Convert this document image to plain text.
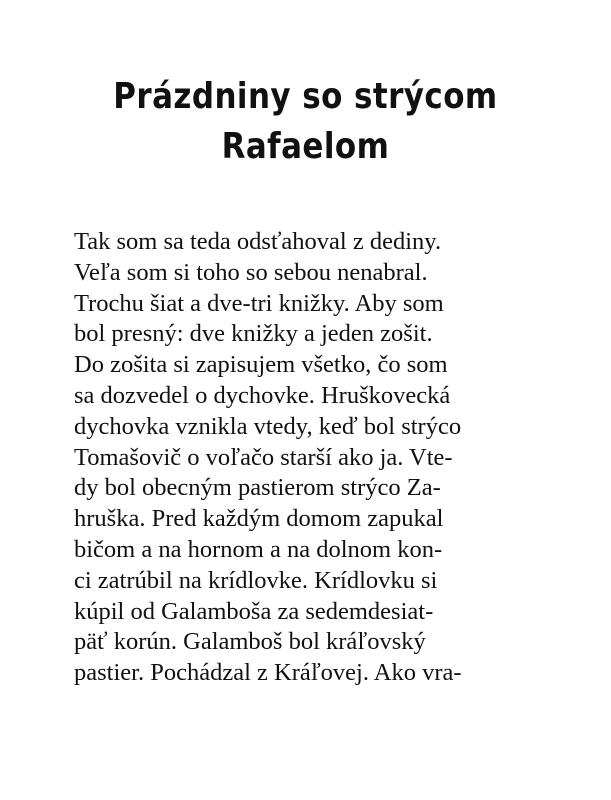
Prázdniny so strýcom
Rafaelom
Tak som sa teda odsťahoval z dediny.
Veľa som si toho so sebou nenabral.
Trochu šiat a dve-tri knižky. Aby som
bol presný: dve knižky a jeden zošit.
Do zošita si zapisujem všetko, čo som
sa dozvedel o dychovke. Hruškovecká
dychovka vznikla vtedy, keď bol strýco
Tomašovič o voľačo starší ako ja. Vte-
dy bol obecným pastierom strýco Za-
hruška. Pred každým domom zapukal
bičom a na hornom a na dolnom kon-
ci zatrúbil na krídlovke. Krídlovku si
kúpil od Galamboša za sedemdesiat-
päť korún. Galamboš bol kráľovský
pastier. Pochádzal z Kráľovej. Ako vra-
